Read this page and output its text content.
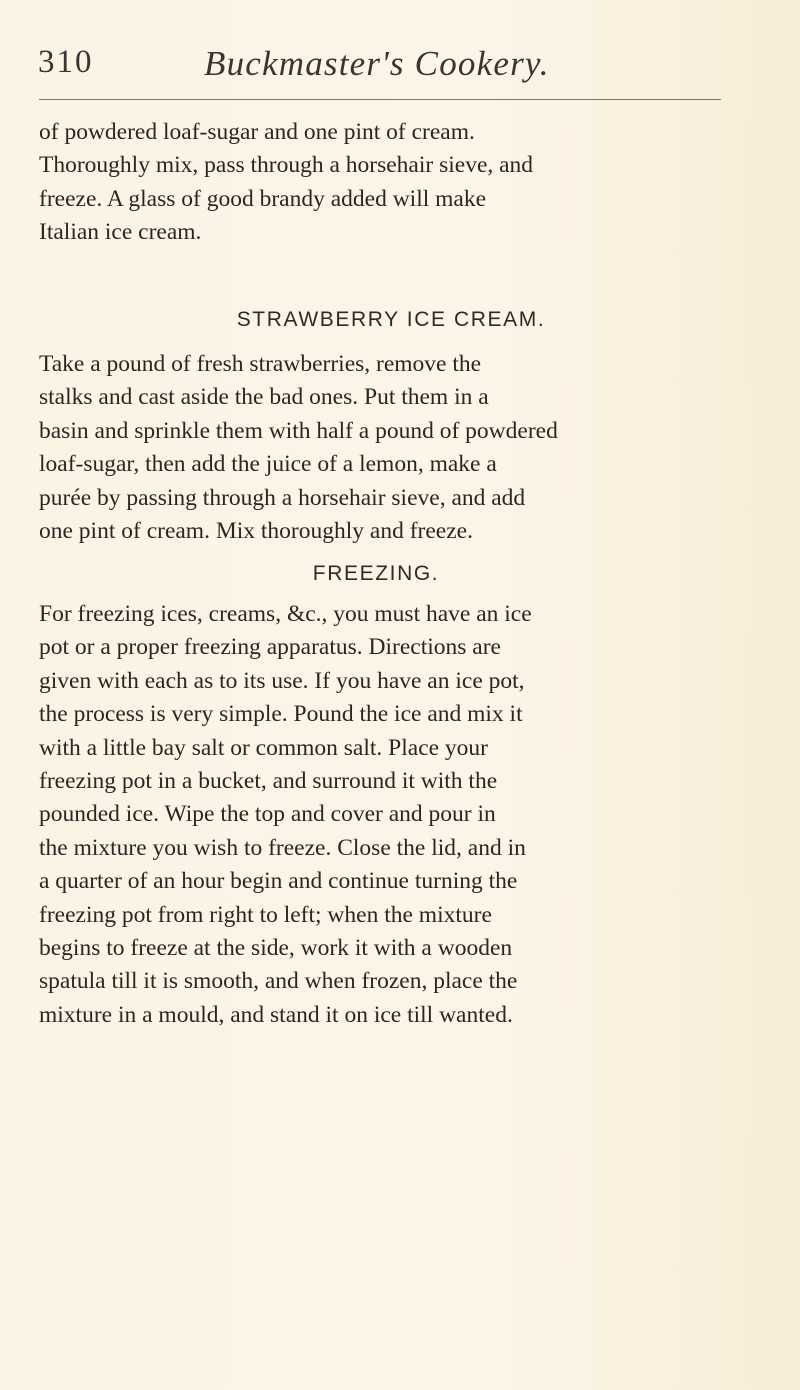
310	Buckmaster's Cookery.
of powdered loaf-sugar and one pint of cream.
Thoroughly mix, pass through a horsehair sieve, and
freeze. A glass of good brandy added will make
Italian ice cream.
STRAWBERRY ICE CREAM.
Take a pound of fresh strawberries, remove the
stalks and cast aside the bad ones. Put them in a
basin and sprinkle them with half a pound of powdered
loaf-sugar, then add the juice of a lemon, make a
purée by passing through a horsehair sieve, and add
one pint of cream. Mix thoroughly and freeze.
FREEZING.
For freezing ices, creams, &c., you must have an ice
pot or a proper freezing apparatus. Directions are
given with each as to its use. If you have an ice pot,
the process is very simple. Pound the ice and mix it
with a little bay salt or common salt. Place your
freezing pot in a bucket, and surround it with the
pounded ice. Wipe the top and cover and pour in
the mixture you wish to freeze. Close the lid, and in
a quarter of an hour begin and continue turning the
freezing pot from right to left; when the mixture
begins to freeze at the side, work it with a wooden
spatula till it is smooth, and when frozen, place the
mixture in a mould, and stand it on ice till wanted.
